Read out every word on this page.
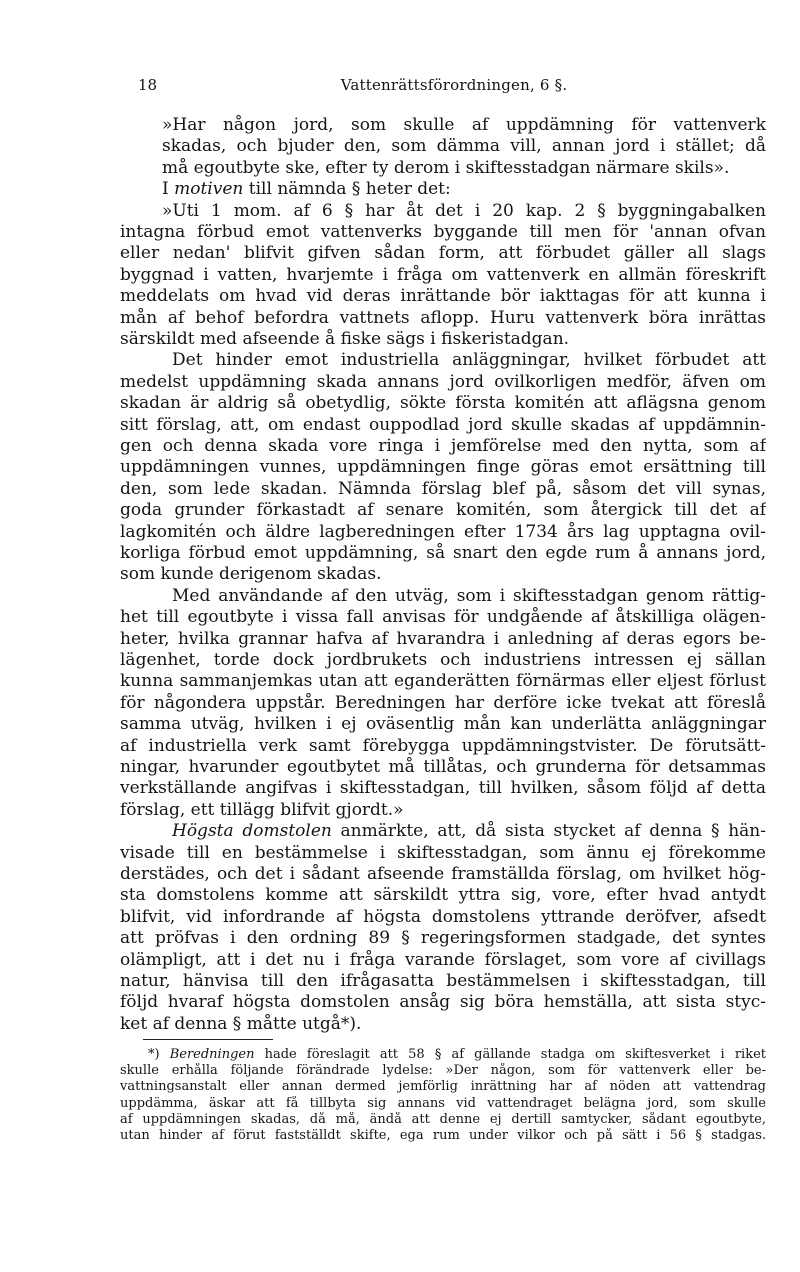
18	Vattenrättsförordningen, 6 §.
»Har någon jord, som skulle af uppdämning för vattenverk
skadas, och bjuder den, som dämma vill, annan jord i stället; då
må egoutbyte ske, efter ty derom i skiftesstadgan närmare skils».
I motiven till nämnda § heter det:
»Uti 1 mom. af 6 § har åt det i 20 kap. 2 § byggningabalken
intagna förbud emot vattenverks byggande till men för 'annan ofvan
eller nedan' blifvit gifven sådan form, att förbudet gäller all slags
byggnad i vatten, hvarjemte i fråga om vattenverk en allmän föreskrift
meddelats om hvad vid deras inrättande bör iakttagas för att kunna i
mån af behof befordra vattnets aflopp. Huru vattenverk böra inrättas
särskildt med afseende å fiske sägs i fiskeristadgan.
Det hinder emot industriella anläggningar, hvilket förbudet att
medelst uppdämning skada annans jord ovilkorligen medför, äfven om
skadan är aldrig så obetydlig, sökte första komitén att aflägsna genom
sitt förslag, att, om endast ouppodlad jord skulle skadas af uppdämnin-
gen och denna skada vore ringa i jemförelse med den nytta, som af
uppdämningen vunnes, uppdämningen finge göras emot ersättning till
den, som lede skadan. Nämnda förslag blef på, såsom det vill synas,
goda grunder förkastadt af senare komitén, som återgick till det af
lagkomitén och äldre lagberedningen efter 1734 års lag upptagna ovil-
korliga förbud emot uppdämning, så snart den egde rum å annans jord,
som kunde derigenom skadas.
Med användande af den utväg, som i skiftesstadgan genom rättig-
het till egoutbyte i vissa fall anvisas för undgående af åtskilliga olägen-
heter, hvilka grannar hafva af hvarandra i anledning af deras egors be-
lägenhet, torde dock jordbrukets och industriens intressen ej sällan
kunna sammanjemkas utan att eganderätten förnärmas eller eljest förlust
för någondera uppstår. Beredningen har derföre icke tvekat att föreslå
samma utväg, hvilken i ej oväsentlig mån kan underlätta anläggningar
af industriella verk samt förebygga uppdämningstvister. De förutsätt-
ningar, hvarunder egoutbytet må tillåtas, och grunderna för detsammas
verkställande angifvas i skiftesstadgan, till hvilken, såsom följd af detta
förslag, ett tillägg blifvit gjordt.»
Högsta domstolen anmärkte, att, då sista stycket af denna § hän-
visade till en bestämmelse i skiftesstadgan, som ännu ej förekomme
derstädes, och det i sådant afseende framställda förslag, om hvilket hög-
sta domstolens komme att särskildt yttra sig, vore, efter hvad antydt
blifvit, vid infordrande af högsta domstolens yttrande deröfver, afsedt
att pröfvas i den ordning 89 § regeringsformen stadgade, det syntes
olämpligt, att i det nu i fråga varande förslaget, som vore af civillags
natur, hänvisa till den ifrågasatta bestämmelsen i skiftesstadgan, till
följd hvaraf högsta domstolen ansåg sig böra hemställa, att sista styc-
ket af denna § måtte utgå*).
*) Beredningen hade föreslagit att 58 § af gällande stadga om skiftesverket i riket
skulle erhålla följande förändrade lydelse: »Der någon, som för vattenverk eller be-
vattningsanstalt eller annan dermed jemförlig inrättning har af nöden att vattendrag
uppdämma, äskar att få tillbyta sig annans vid vattendraget belägna jord, som skulle
af uppdämningen skadas, då må, ändå att denne ej dertill samtycker, sådant egoutbyte,
utan hinder af förut fastställdt skifte, ega rum under vilkor och på sätt i 56 § stadgas.
